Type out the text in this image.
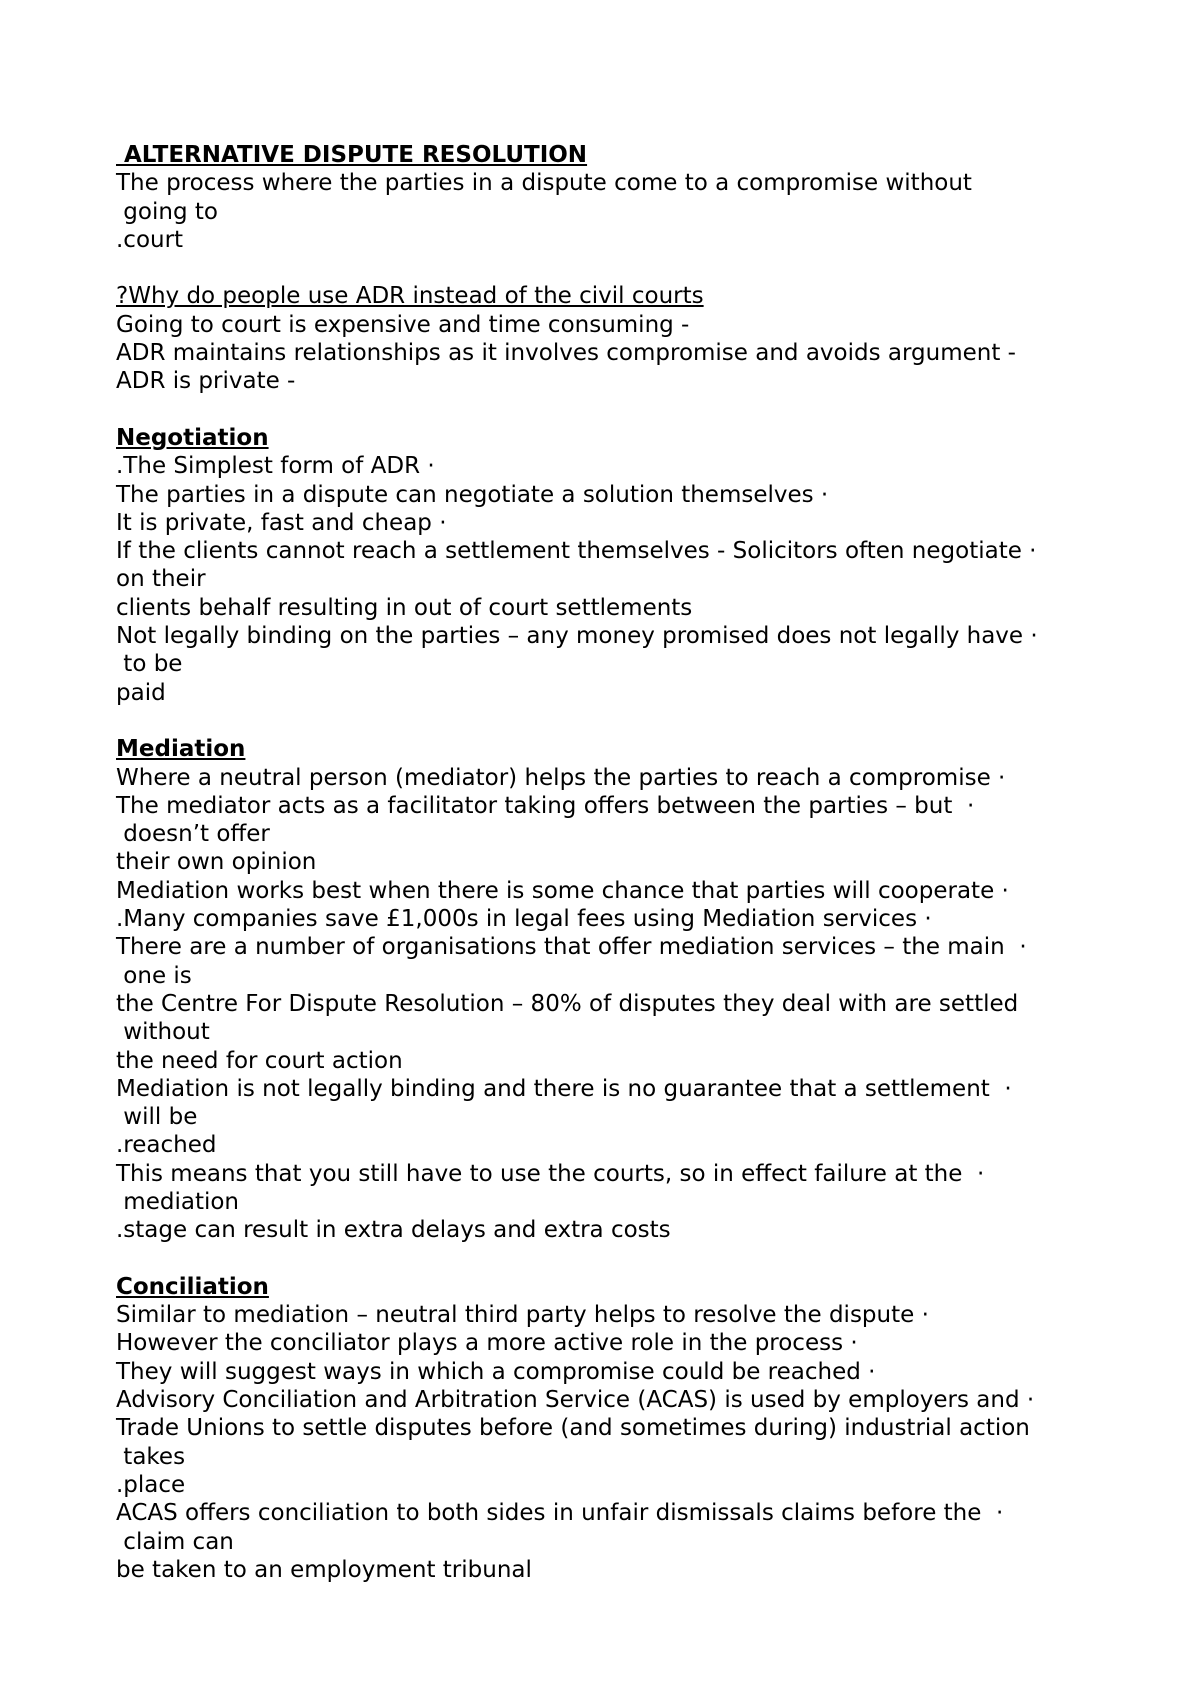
ALTERNATIVE DISPUTE RESOLUTION
The process where the parties in a dispute come to a compromise without
going to
.court
?Why do people use ADR instead of the civil courts
Going to court is expensive and time consuming -
ADR maintains relationships as it involves compromise and avoids argument -
ADR is private -
Negotiation
.The Simplest form of ADR ·
The parties in a dispute can negotiate a solution themselves ·
It is private, fast and cheap ·
If the clients cannot reach a settlement themselves - Solicitors often negotiate ·
on their
clients behalf resulting in out of court settlements
Not legally binding on the parties – any money promised does not legally have ·
to be
paid
Mediation
Where a neutral person (mediator) helps the parties to reach a compromise ·
The mediator acts as a facilitator taking offers between the parties – but  ·
doesn’t offer
their own opinion
Mediation works best when there is some chance that parties will cooperate ·
.Many companies save £1,000s in legal fees using Mediation services ·
There are a number of organisations that offer mediation services – the main  ·
one is
the Centre For Dispute Resolution – 80% of disputes they deal with are settled
without
the need for court action
Mediation is not legally binding and there is no guarantee that a settlement  ·
will be
.reached
This means that you still have to use the courts, so in effect failure at the  ·
mediation
.stage can result in extra delays and extra costs
Conciliation
Similar to mediation – neutral third party helps to resolve the dispute ·
However the conciliator plays a more active role in the process ·
They will suggest ways in which a compromise could be reached ·
Advisory Conciliation and Arbitration Service (ACAS) is used by employers and ·
Trade Unions to settle disputes before (and sometimes during) industrial action
takes
.place
ACAS offers conciliation to both sides in unfair dismissals claims before the  ·
claim can
be taken to an employment tribunal
